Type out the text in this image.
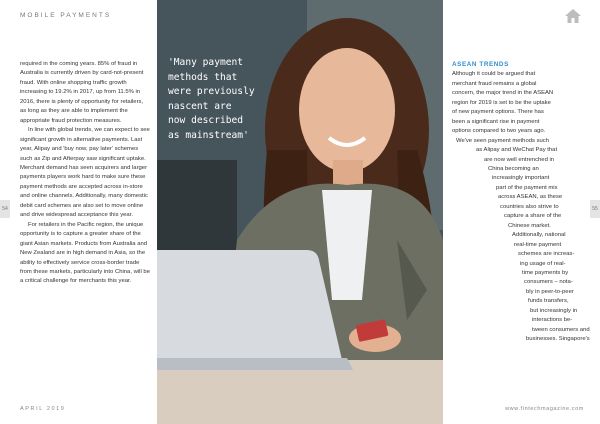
MOBILE PAYMENTS
'Many payment
methods that
were previously
nascent are
now described
as mainstream'

required in the coming years. 85% of fraud in Australia is currently driven by card-not-present fraud. With online shopping traffic growth increasing to 19.2% in 2017, up from 11.5% in 2016, there is plenty of opportunity for retailers, as long as they are able to implement the appropriate fraud protection measures.

In line with global trends, we can expect to see significant growth in alternative payments. Last year, Alipay and 'buy now, pay later' schemes such as Zip and Afterpay saw significant uptake. Merchant demand has seen acquirers and larger payments players work hard to make sure these payment methods are accepted across in-store and online channels. Additionally, many domestic debit card schemes are also set to move online and drive widespread acceptance this year.

For retailers in the Pacific region, the unique opportunity is to capture a greater share of the giant Asian markets. Products from Australia and New Zealand are in high demand in Asia, so the ability to effectively service cross-border trade from these markets, particularly into China, will be a critical challenge for merchants this year.

ASEAN TRENDS
Although it could be argued that
merchant fraud remains a global
concern, the major trend in the ASEAN
region for 2019 is set to be the uptake
of new payment options. There has
been a significant rise in payment
options compared to two years ago.
We've seen payment methods such
as Alipay and WeChat Pay that
are now well entrenched in
China becoming an
increasingly important
part of the payment mix
across ASEAN, as these
countries also strive to
capture a share of the
Chinese market.
Additionally, national
real-time payment
schemes are increas-
ing usage of real-
time payments by
consumers – nota-
bly in peer-to-peer
funds transfers,
but increasingly in
interactions be-
tween consumers and
businesses. Singapore's
54	55
APRIL 2019	www.fintechmagazine.com
